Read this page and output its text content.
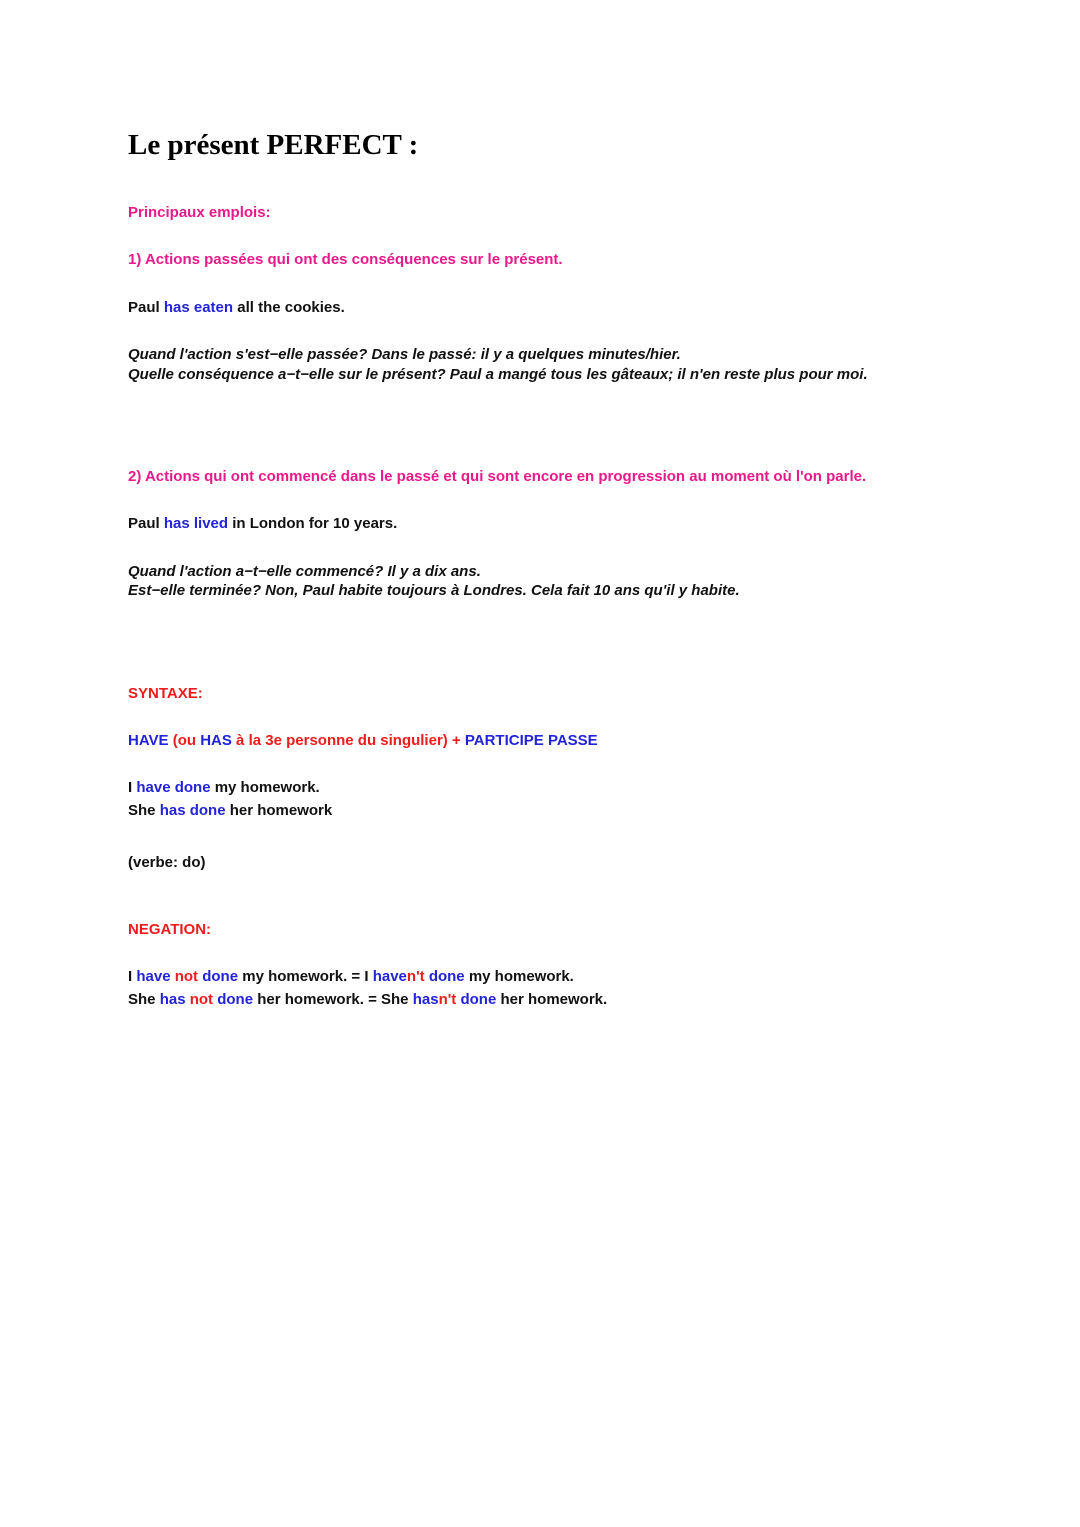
Le présent PERFECT :

Principaux emplois:

1) Actions passées qui ont des conséquences sur le présent.

Paul has eaten all the cookies.

Quand l'action s'est−elle passée? Dans le passé: il y a quelques minutes/hier.

Quelle conséquence a−t−elle sur le présent? Paul a mangé tous les gâteaux; il n'en reste plus pour moi.

2) Actions qui ont commencé dans le passé et qui sont encore en progression au moment où l'on parle.

Paul has lived in London for 10 years.

Quand l'action a−t−elle commencé? Il y a dix ans.

Est−elle terminée? Non, Paul habite toujours à Londres. Cela fait 10 ans qu'il y habite.

SYNTAXE:

HAVE (ou HAS à la 3e personne du singulier) + PARTICIPE PASSE

I have done my homework.

She has done her homework

(verbe: do)

NEGATION:

I have not done my homework. = I haven't done my homework.

She has not done her homework. = She hasn't done her homework.
